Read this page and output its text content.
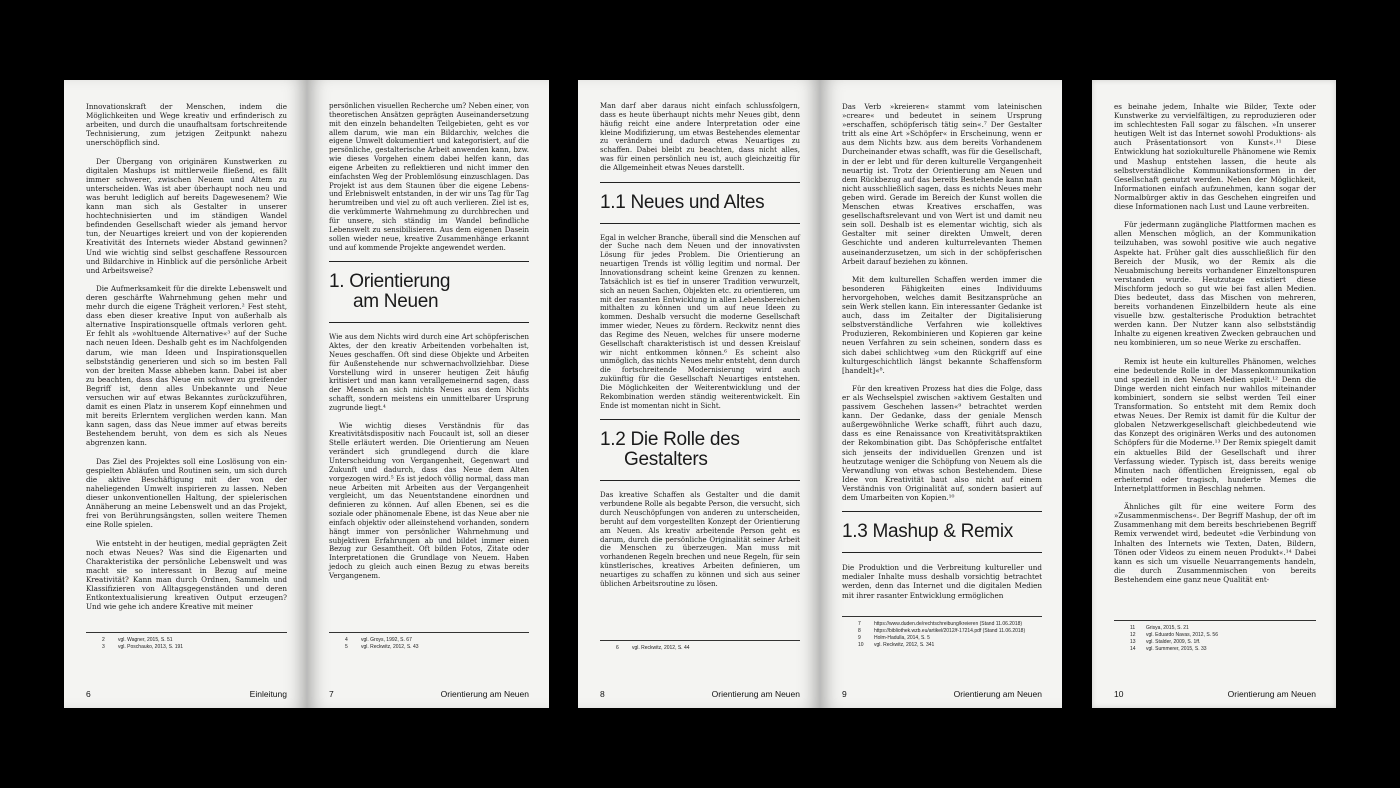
Innovationskraft der Menschen, indem die Möglichkeiten und Wege kreativ und erfinderisch zu arbeiten, und durch die unaufhaltsam fortschreitende Technisierung, zum jetzigen Zeitpunkt nahezu unerschöpflich sind.

Der Übergang von originären Kunstwerken zu digitalen Mashups ist mittlerweile fließend, es fällt immer schwerer, zwischen Neuem und Altem zu unterscheiden. Was ist aber überhaupt noch neu und was beruht lediglich auf bereits Dagewesenem? Wie kann man sich als Gestalter in unserer hochtechnisierten und im ständigen Wandel befindenden Gesellschaft wieder als jemand hervor tun, der Neuartiges kreiert und von der kopierenden Kreativität des Internets wieder Abstand gewinnen? Und wie wichtig sind selbst geschaffene Ressourcen und Bildarchive in Hinblick auf die persönliche Arbeit und Arbeitsweise?

Die Aufmerksamkeit für die direkte Lebenswelt und deren geschärfte Wahrnehmung gehen mehr und mehr durch die eigene Trägheit verloren.² Fest steht, dass eben dieser kreative Input von außerhalb als alternative Inspirationsquelle oftmals verloren geht. Er fehlt als »wohltuende Alternative«³ auf der Suche nach neuen Ideen. Deshalb geht es im Nachfolgenden darum, wie man Ideen und Inspirationsquellen selbstständig generieren und sich so im besten Fall von der breiten Masse abheben kann. Dabei ist aber zu beachten, dass das Neue ein schwer zu greifender Begriff ist, denn alles Unbekannte und Neue versuchen wir auf etwas Bekanntes zurückzuführen, damit es einen Platz in unserem Kopf einnehmen und mit bereits Erlerntem verglichen werden kann. Man kann sagen, dass das Neue immer auf etwas bereits Bestehendem beruht, von dem es sich als Neues abgrenzen kann.

Das Ziel des Projektes soll eine Loslösung von ein-gespielten Abläufen und Routinen sein, um sich durch die aktive Beschäftigung mit der von der naheliegenden Umwelt inspirieren zu lassen. Neben dieser unkonventionellen Haltung, der spielerischen Annäherung an meine Lebenswelt und an das Projekt, frei von Berührungsängsten, sollen weitere Themen eine Rolle spielen.

Wie entsteht in der heutigen, medial geprägten Zeit noch etwas Neues? Was sind die Eigenarten und Charakteristika der persönliche Lebenswelt und was macht sie so interessant in Bezug auf meine Kreativität? Kann man durch Ordnen, Sammeln und Klassifizieren von Alltagsgegenständen und deren Entkontextualisierung kreativen Output erzeugen? Und wie gehe ich andere Kreative mit meiner

2	vgl. Wagner, 2015, S. 51
3	vgl. Poschauko, 2013, S. 191
6	Einleitung

persönlichen visuellen Recherche um? Neben einer, von theoretischen Ansätzen geprägten Auseinandersetzung mit den einzeln behandelten Teilgebieten, geht es vor allem darum, wie man ein Bildarchiv, welches die eigene Umwelt dokumentiert und kategorisiert, auf die persönliche, gestalterische Arbeit anwenden kann, bzw. wie dieses Vorgehen einem dabei helfen kann, das eigene Arbeiten zu reflektieren und nicht immer den einfachsten Weg der Problemlösung einzuschlagen. Das Projekt ist aus dem Staunen über die eigene Lebens- und Erlebniswelt entstanden, in der wir uns Tag für Tag herumtreiben und viel zu oft auch verlieren. Ziel ist es, die verkümmerte Wahrnehmung zu durchbrechen und für unsere, sich ständig im Wandel befindliche Lebenswelt zu sensibilisieren. Aus dem eigenen Dasein sollen wieder neue, kreative Zusammenhänge erkannt und auf kommende Projekte angewendet werden.

1. Orientierung
am Neuen

Wie aus dem Nichts wird durch eine Art schöpferischen Aktes, der den kreativ Arbeitenden vorbehalten ist, Neues geschaffen. Oft sind diese Objekte und Arbeiten für Außenstehende nur schwernachvollziehbar. Diese Vorstellung wird in unserer heutigen Zeit häufig kritisiert und man kann verallgemeinernd sagen, dass der Mensch an sich nichts Neues aus dem Nichts schafft, sondern meistens ein unmittelbarer Ursprung zugrunde liegt.⁴

Wie wichtig dieses Verständnis für das Kreativitätsdispositiv nach Foucault ist, soll an dieser Stelle erläutert werden. Die Orientierung am Neuen verändert sich grundlegend durch die klare Unterscheidung von Vergangenheit, Gegenwart und Zukunft und dadurch, dass das Neue dem Alten vorgezogen wird.⁵ Es ist jedoch völlig normal, dass man neue Arbeiten mit Arbeiten aus der Vergangenheit vergleicht, um das Neuentstandene einordnen und definieren zu können. Auf allen Ebenen, sei es die soziale oder phänomenale Ebene, ist das Neue aber nie einfach objektiv oder alleinstehend vorhanden, sondern hängt immer von persönlicher Wahrnehmung und subjektiven Erfahrungen ab und bildet immer einen Bezug zur Gesamtheit. Oft bilden Fotos, Zitate oder Interpretationen die Grundlage von Neuem. Haben jedoch zu gleich auch einen Bezug zu etwas bereits Vergangenem.

4	vgl. Groys, 1992, S. 67
5	vgl. Reckwitz, 2012, S. 43
7	Orientierung am Neuen

Man darf aber daraus nicht einfach schlussfolgern, dass es heute überhaupt nichts mehr Neues gibt, denn häufig reicht eine andere Interpretation oder eine kleine Modifizierung, um etwas Bestehendes elementar zu verändern und dadurch etwas Neuartiges zu schaffen. Dabei bleibt zu beachten, dass nicht alles, was für einen persönlich neu ist, auch gleichzeitig für die Allgemeinheit etwas Neues darstellt.

1.1 Neues und Altes

Egal in welcher Branche, überall sind die Menschen auf der Suche nach dem Neuen und der innovativsten Lösung für jedes Problem. Die Orientierung an neuartigen Trends ist völlig legitim und normal. Der Innovationsdrang scheint keine Grenzen zu kennen. Tatsächlich ist es tief in unserer Tradition verwurzelt, sich an neuen Sachen, Objekten etc. zu orientieren, um mit der rasanten Entwicklung in allen Lebensbereichen mithalten zu können und um auf neue Ideen zu kommen. Deshalb versucht die moderne Gesellschaft immer wieder, Neues zu fördern. Reckwitz nennt dies das Regime des Neuen, welches für unsere moderne Gesellschaft charakteristisch ist und dessen Kreislauf wir nicht entkommen können.⁶ Es scheint also unmöglich, das nichts Neues mehr entsteht, denn durch die fortschreitende Modernisierung wird auch zukünftig für die Gesellschaft Neuartiges entstehen. Die Möglichkeiten der Weiterentwicklung und der Rekombination werden ständig weiterentwickelt. Ein Ende ist momentan nicht in Sicht.

1.2 Die Rolle des
Gestalters

Das kreative Schaffen als Gestalter und die damit verbundene Rolle als begabte Person, die versucht, sich durch Neuschöpfungen von anderen zu unterscheiden, beruht auf dem vorgestellten Konzept der Orientierung am Neuen. Als kreativ arbeitende Person geht es darum, durch die persönliche Originalität seiner Arbeit die Menschen zu überzeugen. Man muss mit vorhandenen Regeln brechen und neue Regeln, für sein künstlerisches, kreatives Arbeiten definieren, um neuartiges zu schaffen zu können und sich aus seiner üblichen Arbeitsroutine zu lösen.

6	vgl. Reckwitz, 2012, S. 44
8	Orientierung am Neuen

Das Verb »kreieren« stammt vom lateinischen »creare« und bedeutet in seinem Ursprung »erschaffen, schöpferisch tätig sein«.⁷ Der Gestalter tritt als eine Art »Schöpfer« in Erscheinung, wenn er aus dem Nichts bzw. aus dem bereits Vorhandenem Durcheinander etwas schafft, was für die Gesellschaft, in der er lebt und für deren kulturelle Vergangenheit neuartig ist. Trotz der Orientierung am Neuen und dem Rückbezug auf das bereits Bestehende kann man nicht ausschließlich sagen, dass es nichts Neues mehr geben wird. Gerade im Bereich der Kunst wollen die Menschen etwas Kreatives erschaffen, was gesellschaftsrelevant und von Wert ist und damit neu sein soll. Deshalb ist es elementar wichtig, sich als Gestalter mit seiner direkten Umwelt, deren Geschichte und anderen kulturrelevanten Themen auseinanderzusetzen, um sich in der schöpferischen Arbeit darauf beziehen zu können.

Mit dem kulturellen Schaffen werden immer die besonderen Fähigkeiten eines Individuums hervorgehoben, welches damit Besitzansprüche an sein Werk stellen kann. Ein interessanter Gedanke ist auch, dass im Zeitalter der Digitalisierung selbstverständliche Verfahren wie kollektives Produzieren, Rekombinieren und Kopieren gar keine neuen Verfahren zu sein scheinen, sondern dass es sich dabei schlichtweg »um den Rückgriff auf eine kulturgeschichtlich längst bekannte Schaffensform [handelt]«⁸.

Für den kreativen Prozess hat dies die Folge, dass er als Wechselspiel zwischen »aktivem Gestalten und passivem Geschehen lassen«⁹ betrachtet werden kann. Der Gedanke, dass der geniale Mensch außergewöhnliche Werke schafft, führt auch dazu, dass es eine Renaissance von Kreativitätspraktiken der Rekombination gibt. Das Schöpferische entfaltet sich jenseits der individuellen Grenzen und ist heutzutage weniger die Schöpfung von Neuem als die Verwandlung von etwas schon Bestehendem. Diese Idee von Kreativität baut also nicht auf einem Verständnis von Originalität auf, sondern basiert auf dem Umarbeiten von Kopien.¹⁰

1.3 Mashup & Remix

Die Produktion und die Verbreitung kultureller und medialer Inhalte muss deshalb vorsichtig betrachtet werden, denn das Internet und die digitalen Medien mit ihrer rasanter Entwicklung ermöglichen

7	https://www.duden.de/rechtschreibung/kreieren (Stand 11.06.2018)
8	https://bibliothek.wzb.eu/artikel/2012/f-17214.pdf (Stand 11.06.2018)
9	Holm-Hadulla, 2014, S. 5
10	vgl. Reckwitz, 2012, S. 341
9	Orientierung am Neuen

es beinahe jedem, Inhalte wie Bilder, Texte oder Kunstwerke zu vervielfältigen, zu reproduzieren oder im schlechtesten Fall sogar zu fälschen. »In unserer heutigen Welt ist das Internet sowohl Produktions- als auch Präsentationsort von Kunst«.¹¹ Diese Entwicklung hat soziokulturelle Phänomene wie Remix und Mashup entstehen lassen, die heute als selbstverständliche Kommunikationsformen in der Gesellschaft genutzt werden. Neben der Möglichkeit, Informationen einfach aufzunehmen, kann sogar der Normalbürger aktiv in das Geschehen eingreifen und diese Informationen nach Lust und Laune verbreiten.

Für jedermann zugängliche Plattformen machen es allen Menschen möglich, an der Kommunikation teilzuhaben, was sowohl positive wie auch negative Aspekte hat. Früher galt dies ausschließlich für den Bereich der Musik, wo der Remix als die Neuabmischung bereits vorhandener Einzeltonspuren verstanden wurde. Heutzutage existiert diese Mischform jedoch so gut wie bei fast allen Medien. Dies bedeutet, dass das Mischen von mehreren, bereits vorhandenen Einzelbildern heute als eine visuelle bzw. gestalterische Produktion betrachtet werden kann. Der Nutzer kann also selbstständig Inhalte zu eigenen kreativen Zwecken gebrauchen und neu kombinieren, um so neue Werke zu erschaffen.

Remix ist heute ein kulturelles Phänomen, welches eine bedeutende Rolle in der Massenkommunikation und speziell in den Neuen Medien spielt.¹² Denn die Dinge werden nicht einfach nur wahllos miteinander kombiniert, sondern sie selbst werden Teil einer Transformation. So entsteht mit dem Remix doch etwas Neues. Der Remix ist damit für die Kultur der globalen Netzwerkgesellschaft gleichbedeutend wie das Konzept des originären Werks und des autonomen Schöpfers für die Moderne.¹³ Der Remix spiegelt damit ein aktuelles Bild der Gesellschaft und ihrer Verfassung wieder. Typisch ist, dass bereits wenige Minuten nach öffentlichen Ereignissen, egal ob erheiternd oder tragisch, hunderte Memes die Internetplattformen in Beschlag nehmen.

Ähnliches gilt für eine weitere Form des »Zusammenmischens«. Der Begriff Mashup, der oft im Zusammenhang mit dem bereits beschriebenen Begriff Remix verwendet wird, bedeutet »die Verbindung von Inhalten des Internets wie Texten, Daten, Bildern, Tönen oder Videos zu einem neuen Produkt«.¹⁴ Dabei kann es sich um visuelle Neuarrangements handeln, die durch Zusammenmischen von bereits Bestehendem eine ganz neue Qualität ent-

11	Grisya, 2015, S. 21
12	vgl. Eduardo Navas, 2012, S. 56
13	vgl. Stalder, 2009, S. 1ff.
14	vgl. Summerer, 2015, S. 33
10	Orientierung am Neuen
